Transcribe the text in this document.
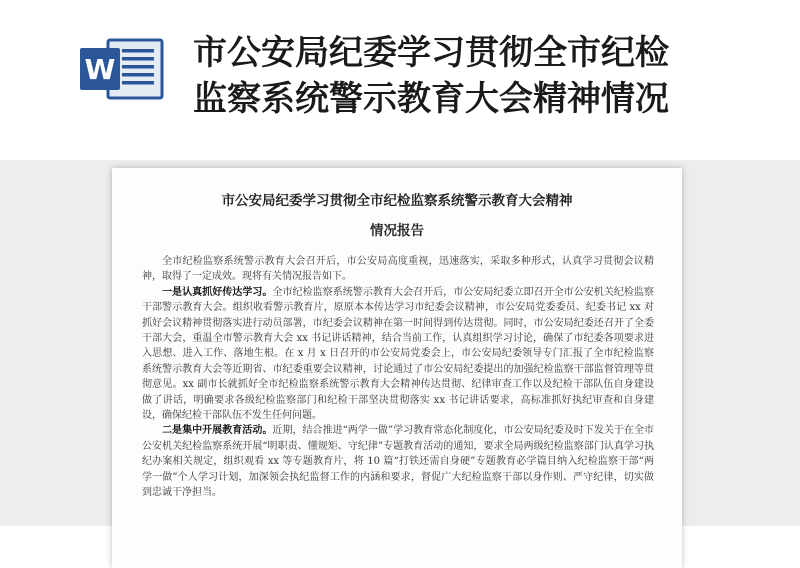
W 市公安局纪委学习贯彻全市纪检
监察系统警示教育大会精神情况
市公安局纪委学习贯彻全市纪检监察系统警示教育大会精神
情况报告

全市纪检监察系统警示教育大会召开后，市公安局高度重视，迅速落实，采取多种形式，认真学习贯彻会议精神，取得了一定成效。现将有关情况报告如下。

一是认真抓好传达学习。全市纪检监察系统警示教育大会召开后，市公安局纪委立即召开全市公安机关纪检监察干部警示教育大会。组织收看警示教育片，原原本本传达学习市纪委会议精神，市公安局党委委员、纪委书记 xx 对抓好会议精神贯彻落实进行动员部署，市纪委会议精神在第一时间得到传达贯彻。同时，市公安局纪委还召开了全委干部大会，重温全市警示教育大会 xx 书记讲话精神，结合当前工作，认真组织学习讨论，确保了市纪委各项要求进入思想、进入工作、落地生根。在 x 月 x 日召开的市公安局党委会上，市公安局纪委领导专门汇报了全市纪检监察系统警示教育大会等近期省、市纪委重要会议精神，讨论通过了市公安局纪委提出的加强纪检监察干部监督管理等贯彻意见。xx 副市长就抓好全市纪检监察系统警示教育大会精神传达贯彻、纪律审查工作以及纪检干部队伍自身建设做了讲话，明确要求各级纪检监察部门和纪检干部坚决贯彻落实 xx 书记讲话要求，高标准抓好执纪审查和自身建设，确保纪检干部队伍不发生任何问题。

二是集中开展教育活动。近期，结合推进“两学一做”学习教育常态化制度化，市公安局纪委及时下发关于在全市公安机关纪检监察系统开展“明职责、懂规矩、守纪律”专题教育活动的通知，要求全局两级纪检监察部门认真学习执纪办案相关规定，组织观看 xx 等专题教育片，将 10 篇“打铁还需自身硬”专题教育必学篇目纳入纪检监察干部“两学一做”个人学习计划，加深领会执纪监督工作的内涵和要求，督促广大纪检监察干部以身作则、严守纪律，切实做到忠诚干净担当。
